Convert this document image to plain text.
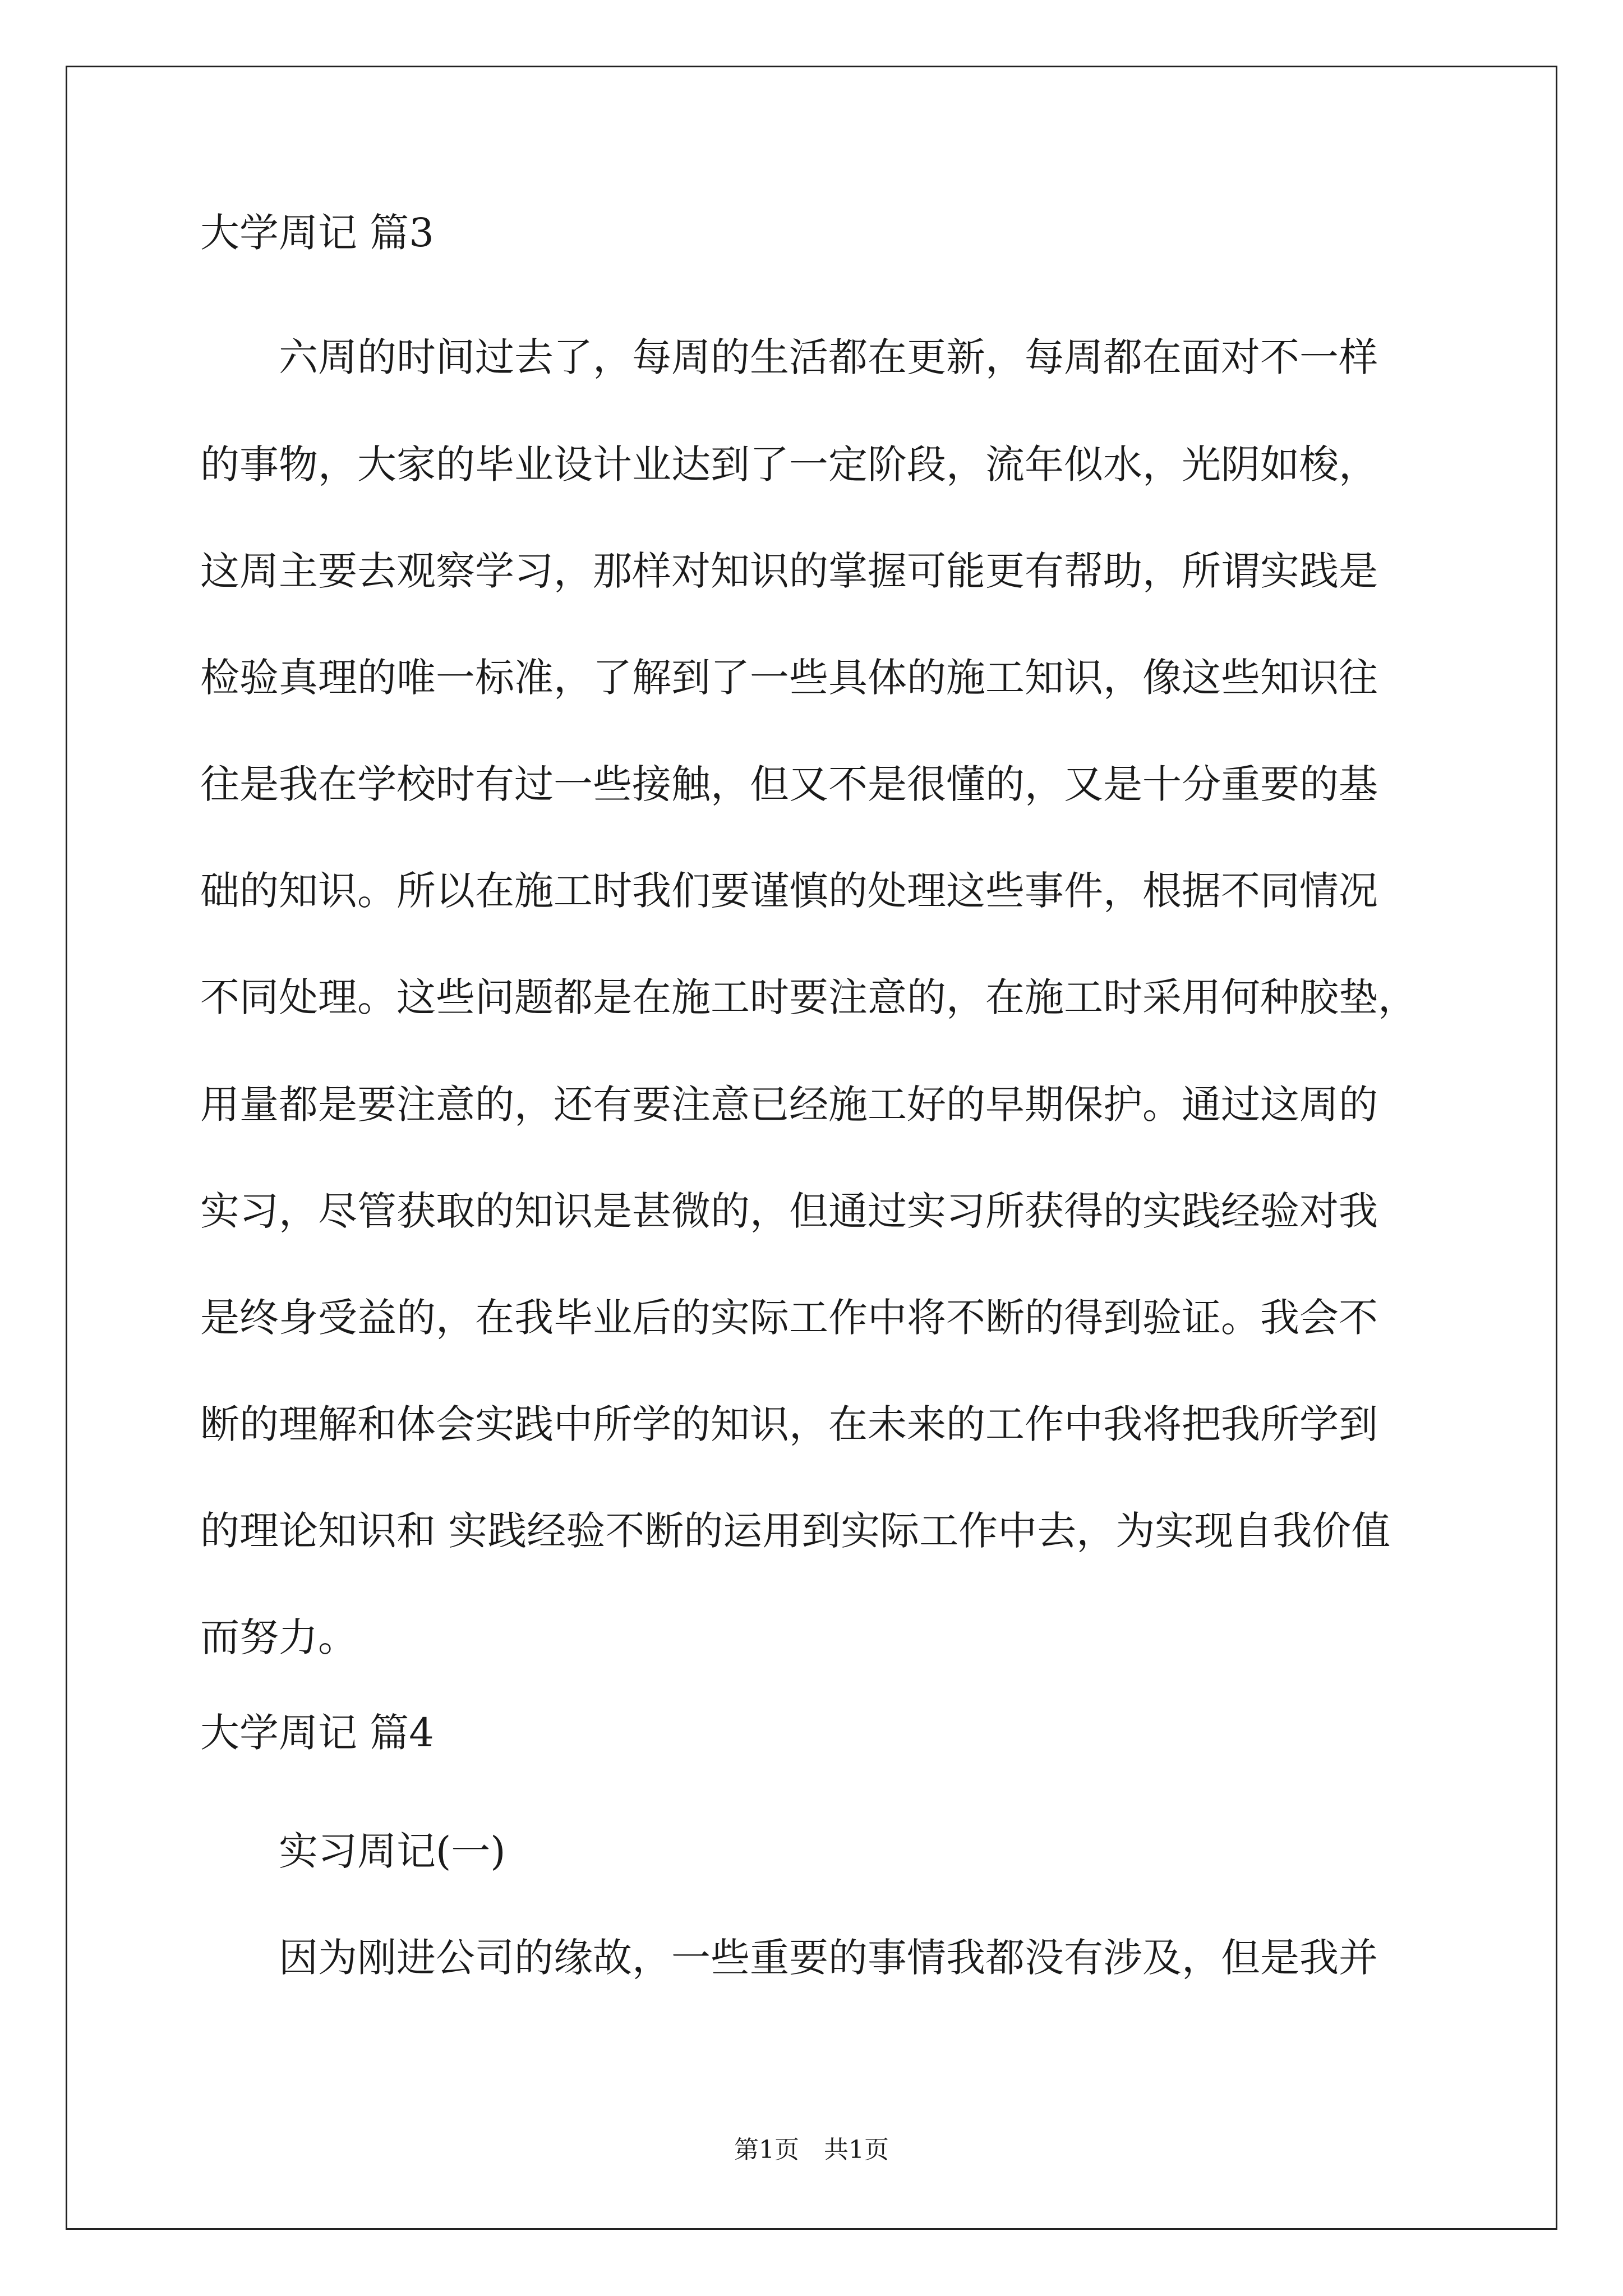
大学周记 篇3
　　六周的时间过去了，每周的生活都在更新，每周都在面对不一样
的事物，大家的毕业设计业达到了一定阶段，流年似水，光阴如梭，
这周主要去观察学习，那样对知识的掌握可能更有帮助，所谓实践是
检验真理的唯一标准，了解到了一些具体的施工知识，像这些知识往
往是我在学校时有过一些接触，但又不是很懂的，又是十分重要的基
础的知识。所以在施工时我们要谨慎的处理这些事件，根据不同情况
不同处理。这些问题都是在施工时要注意的，在施工时采用何种胶垫，
用量都是要注意的，还有要注意已经施工好的早期保护。通过这周的
实习，尽管获取的知识是甚微的，但通过实习所获得的实践经验对我
是终身受益的，在我毕业后的实际工作中将不断的得到验证。我会不
断的理解和体会实践中所学的知识，在未来的工作中我将把我所学到
的理论知识和 实践经验不断的运用到实际工作中去，为实现自我价值
而努力。
大学周记 篇4
　　实习周记(一)
　　因为刚进公司的缘故，一些重要的事情我都没有涉及，但是我并
第1页　共1页
